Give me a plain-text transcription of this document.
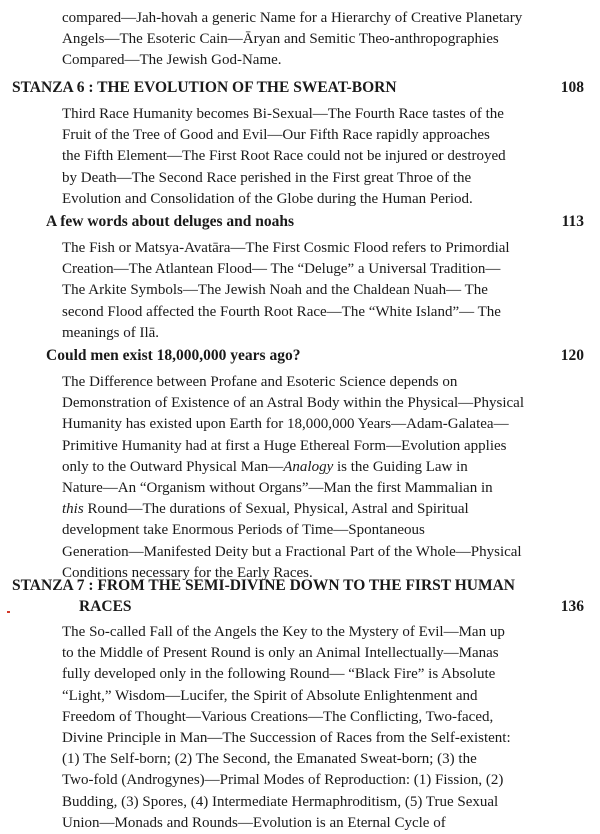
compared—Jah-hovah a generic Name for a Hierarchy of Creative Planetary
Angels—The Esoteric Cain—Āryan and Semitic Theo-anthropographies
Compared—The Jewish God-Name.
STANZA 6 : THE EVOLUTION OF THE SWEAT-BORN	108
Third Race Humanity becomes Bi-Sexual—The Fourth Race tastes of the
Fruit of the Tree of Good and Evil—Our Fifth Race rapidly approaches
the Fifth Element—The First Root Race could not be injured or destroyed
by Death—The Second Race perished in the First great Throe of the
Evolution and Consolidation of the Globe during the Human Period.
A few words about deluges and noahs	113
The Fish or Matsya-Avatāra—The First Cosmic Flood refers to Primordial
Creation—The Atlantean Flood— The “Deluge” a Universal Tradition—
The Arkite Symbols—The Jewish Noah and the Chaldean Nuah— The
second Flood affected the Fourth Root Race—The “White Island”— The
meanings of Ilā.
Could men exist 18,000,000 years ago?	120
The Difference between Profane and Esoteric Science depends on
Demonstration of Existence of an Astral Body within the Physical—Physical
Humanity has existed upon Earth for 18,000,000 Years—Adam-Galatea—
Primitive Humanity had at first a Huge Ethereal Form—Evolution applies
only to the Outward Physical Man—Analogy is the Guiding Law in
Nature—An “Organism without Organs”—Man the first Mammalian in
this Round—The durations of Sexual, Physical, Astral and Spiritual
development take Enormous Periods of Time—Spontaneous
Generation—Manifested Deity but a Fractional Part of the Whole—Physical
Conditions necessary for the Early Races.
STANZA 7 : FROM THE SEMI-DIVINE DOWN TO THE FIRST HUMAN
RACES	136
The So-called Fall of the Angels the Key to the Mystery of Evil—Man up
to the Middle of Present Round is only an Animal Intellectually—Manas
fully developed only in the following Round— “Black Fire” is Absolute
“Light,” Wisdom—Lucifer, the Spirit of Absolute Enlightenment and
Freedom of Thought—Various Creations—The Conflicting, Two-faced,
Divine Principle in Man—The Succession of Races from the Self-existent:
(1) The Self-born; (2) The Second, the Emanated Sweat-born; (3) the
Two-fold (Androgynes)—Primal Modes of Reproduction: (1) Fission, (2)
Budding, (3) Spores, (4) Intermediate Hermaphroditism, (5) True Sexual
Union—Monads and Rounds—Evolution is an Eternal Cycle of
